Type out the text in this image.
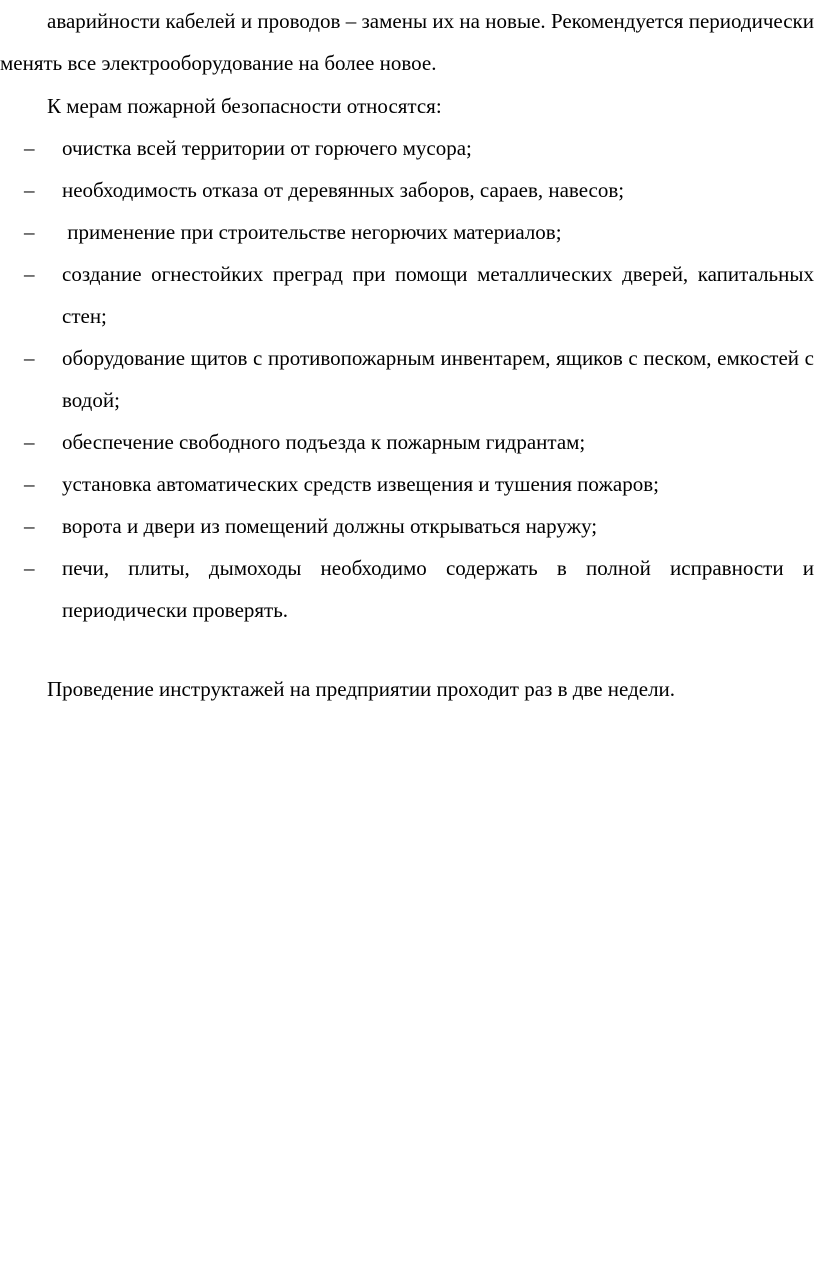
аварийности кабелей и проводов – замены их на новые. Рекомендуется периодически менять все электрооборудование на более новое.

К мерам пожарной безопасности относятся:

–	очистка всей территории от горючего мусора;
–	необходимость отказа от деревянных заборов, сараев, навесов;
–	применение при строительстве негорючих материалов;
–	создание огнестойких преград при помощи металлических дверей, капитальных стен;
–	оборудование щитов с противопожарным инвентарем, ящиков с песком, емкостей с водой;
–	обеспечение свободного подъезда к пожарным гидрантам;
–	установка автоматических средств извещения и тушения пожаров;
–	ворота и двери из помещений должны открываться наружу;
–	печи, плиты, дымоходы необходимо содержать в полной исправности и периодически проверять.

Проведение инструктажей на предприятии проходит раз в две недели.
